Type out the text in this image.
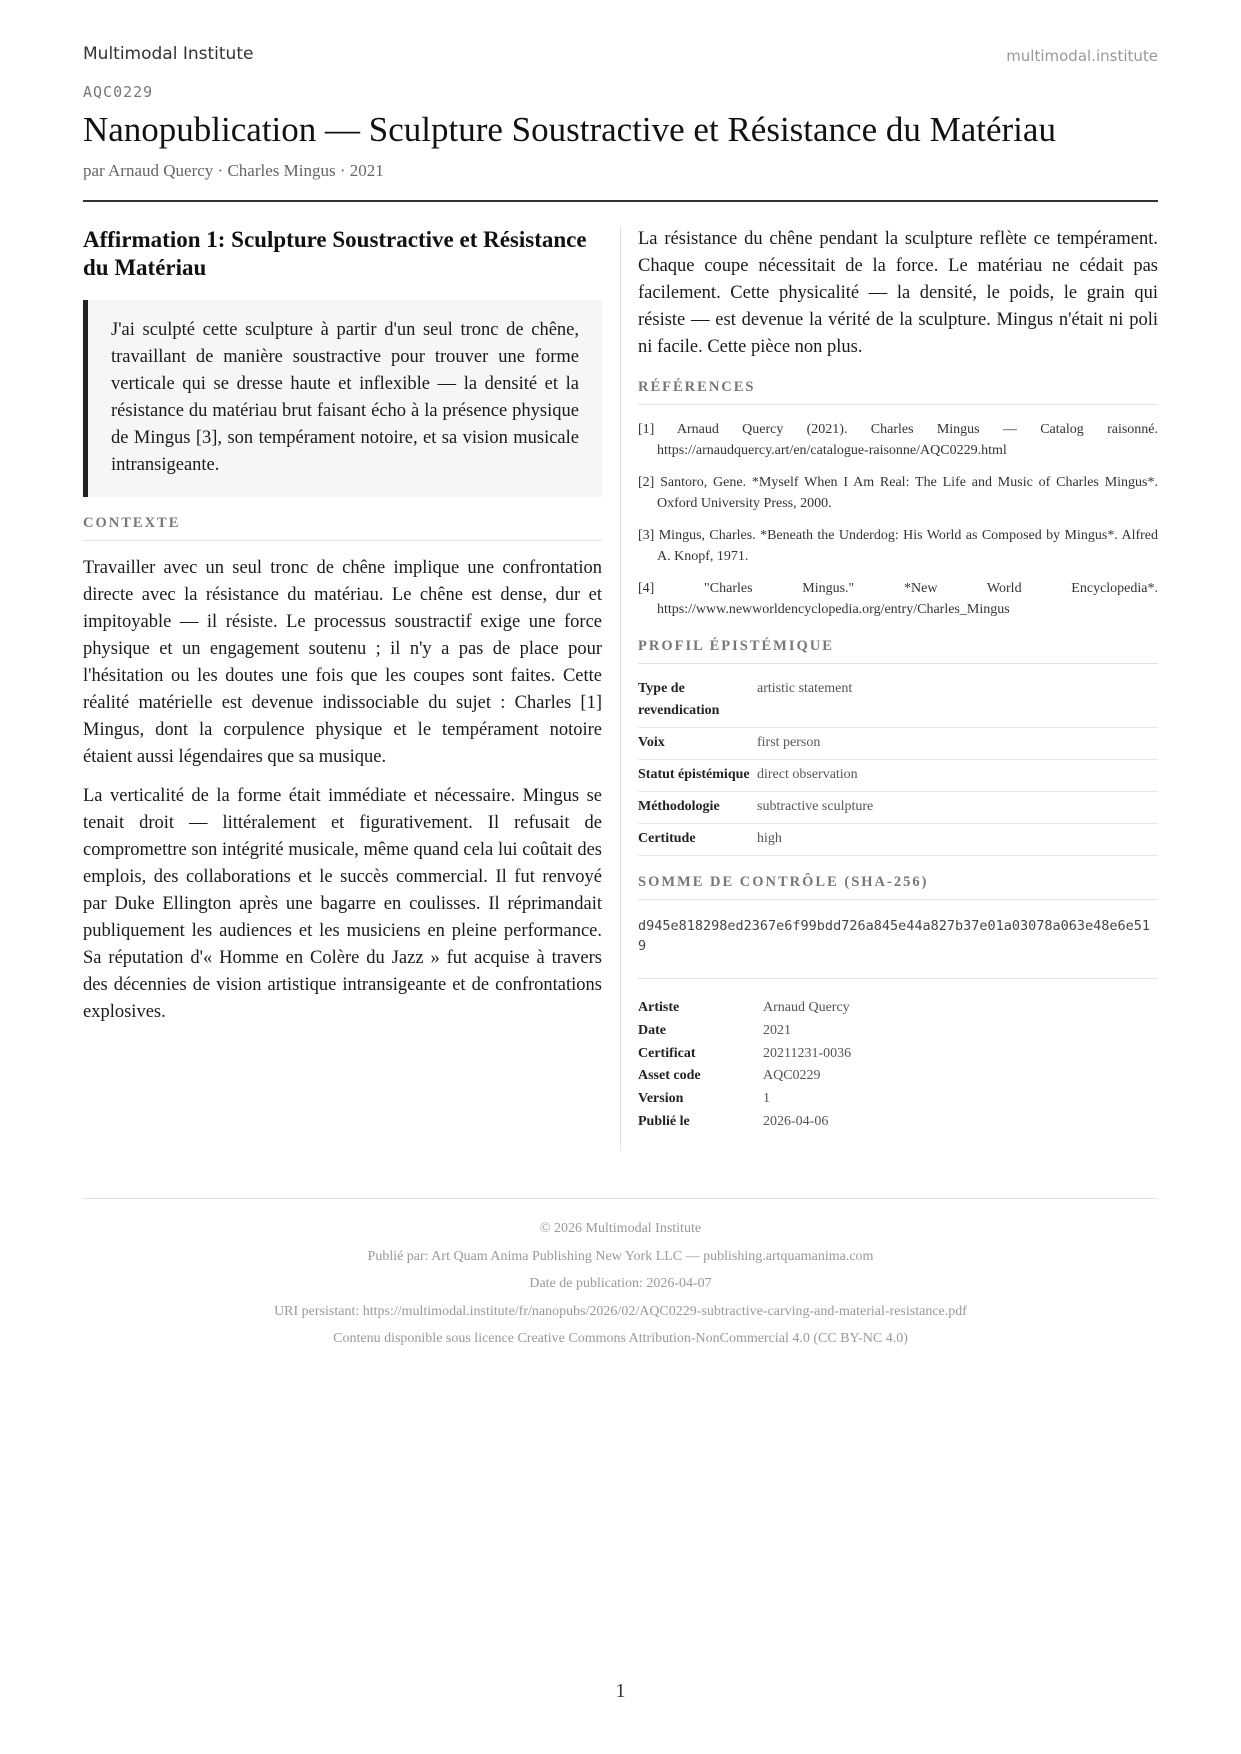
Multimodal Institute	multimodal.institute
AQC0229
Nanopublication — Sculpture Soustractive et Résistance du Matériau
par Arnaud Quercy · Charles Mingus · 2021
Affirmation 1: Sculpture Soustractive et Résistance du Matériau
J'ai sculpté cette sculpture à partir d'un seul tronc de chêne, travaillant de manière soustractive pour trouver une forme verticale qui se dresse haute et inflexible — la densité et la résistance du matériau brut faisant écho à la présence physique de Mingus [3], son tempérament notoire, et sa vision musicale intransigeante.
CONTEXTE

Travailler avec un seul tronc de chêne implique une confrontation directe avec la résistance du matériau. Le chêne est dense, dur et impitoyable — il résiste. Le processus soustractif exige une force physique et un engagement soutenu ; il n'y a pas de place pour l'hésitation ou les doutes une fois que les coupes sont faites. Cette réalité matérielle est devenue indissociable du sujet : Charles [1] Mingus, dont la corpulence physique et le tempérament notoire étaient aussi légendaires que sa musique.

La verticalité de la forme était immédiate et nécessaire. Mingus se tenait droit — littéralement et figurativement. Il refusait de compromettre son intégrité musicale, même quand cela lui coûtait des emplois, des collaborations et le succès commercial. Il fut renvoyé par Duke Ellington après une bagarre en coulisses. Il réprimandait publiquement les audiences et les musiciens en pleine performance. Sa réputation d'« Homme en Colère du Jazz » fut acquise à travers des décennies de vision artistique intransigeante et de confrontations explosives.

La résistance du chêne pendant la sculpture reflète ce tempérament. Chaque coupe nécessitait de la force. Le matériau ne cédait pas facilement. Cette physicalité — la densité, le poids, le grain qui résiste — est devenue la vérité de la sculpture. Mingus n'était ni poli ni facile. Cette pièce non plus.

RÉFÉRENCES
[1] Arnaud Quercy (2021). Charles Mingus — Catalog raisonné. https://arnaudquercy.art/en/catalogue-raisonne/AQC0229.html
[2] Santoro, Gene. *Myself When I Am Real: The Life and Music of Charles Mingus*. Oxford University Press, 2000.
[3] Mingus, Charles. *Beneath the Underdog: His World as Composed by Mingus*. Alfred A. Knopf, 1971.
[4] "Charles Mingus." *New World Encyclopedia*. https://www.newworldencyclopedia.org/entry/Charles_Mingus
PROFIL ÉPISTÉMIQUE
Type de revendication	artistic statement
Voix	first person
Statut épistémique	direct observation
Méthodologie	subtractive sculpture
Certitude	high
SOMME DE CONTRÔLE (SHA-256)
d945e818298ed2367e6f99bdd726a845e44a827b37e01a03078a063e48e6e519
Artiste	Arnaud Quercy
Date	2021
Certificat	20211231-0036
Asset code	AQC0229
Version	1
Publié le	2026-04-06
© 2026 Multimodal Institute
Publié par: Art Quam Anima Publishing New York LLC — publishing.artquamanima.com
Date de publication: 2026-04-07
URI persistant: https://multimodal.institute/fr/nanopubs/2026/02/AQC0229-subtractive-carving-and-material-resistance.pdf
Contenu disponible sous licence Creative Commons Attribution-NonCommercial 4.0 (CC BY-NC 4.0)
1
